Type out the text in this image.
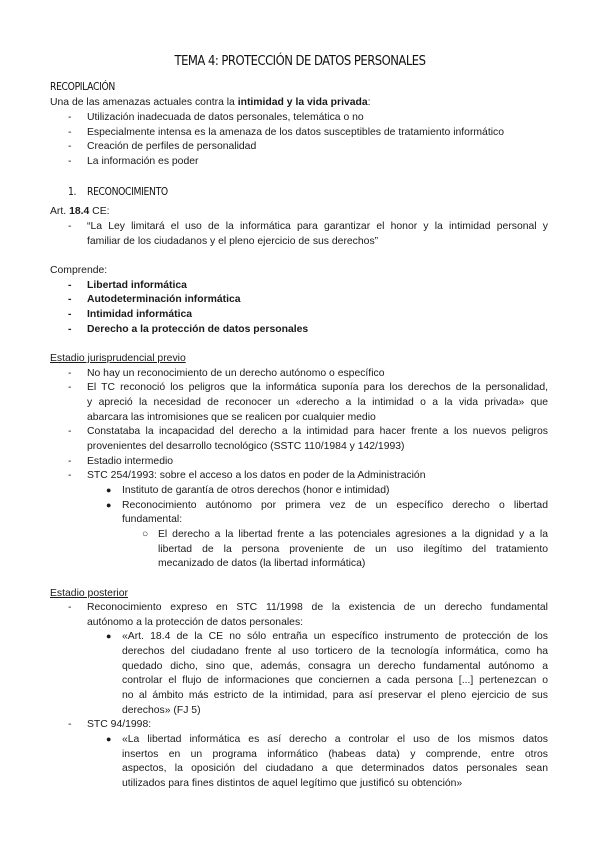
TEMA 4: PROTECCIÓN DE DATOS PERSONALES
RECOPILACIÓN
Una de las amenazas actuales contra la intimidad y la vida privada:
- Utilización inadecuada de datos personales, telemática o no
- Especialmente intensa es la amenaza de los datos susceptibles de tratamiento informático
- Creación de perfiles de personalidad
- La información es poder
1. RECONOCIMIENTO
Art. 18.4 CE:
- “La Ley limitará el uso de la informática para garantizar el honor y la intimidad personal y
familiar de los ciudadanos y el pleno ejercicio de sus derechos”
Comprende:
- Libertad informática
- Autodeterminación informática
- Intimidad informática
- Derecho a la protección de datos personales
Estadio jurisprudencial previo
- No hay un reconocimiento de un derecho autónomo o específico
- El TC reconoció los peligros que la informática suponía para los derechos de la personalidad,
y apreció la necesidad de reconocer un «derecho a la intimidad o a la vida privada» que
abarcara las intromisiones que se realicen por cualquier medio
- Constataba la incapacidad del derecho a la intimidad para hacer frente a los nuevos peligros
provenientes del desarrollo tecnológico (SSTC 110/1984 y 142/1993)
- Estadio intermedio
- STC 254/1993: sobre el acceso a los datos en poder de la Administración
● Instituto de garantía de otros derechos (honor e intimidad)
● Reconocimiento autónomo por primera vez de un específico derecho o libertad
fundamental:
○ El derecho a la libertad frente a las potenciales agresiones a la dignidad y a la
libertad de la persona proveniente de un uso ilegítimo del tratamiento
mecanizado de datos (la libertad informática)
Estadio posterior
- Reconocimiento expreso en STC 11/1998 de la existencia de un derecho fundamental
autónomo a la protección de datos personales:
● «Art. 18.4 de la CE no sólo entraña un específico instrumento de protección de los
derechos del ciudadano frente al uso torticero de la tecnología informática, como ha
quedado dicho, sino que, además, consagra un derecho fundamental autónomo a
controlar el flujo de informaciones que conciernen a cada persona [...] pertenezcan o
no al ámbito más estricto de la intimidad, para así preservar el pleno ejercicio de sus
derechos» (FJ 5)
- STC 94/1998:
● «La libertad informática es así derecho a controlar el uso de los mismos datos
insertos en un programa informático (habeas data) y comprende, entre otros
aspectos, la oposición del ciudadano a que determinados datos personales sean
utilizados para fines distintos de aquel legítimo que justificó su obtención»
